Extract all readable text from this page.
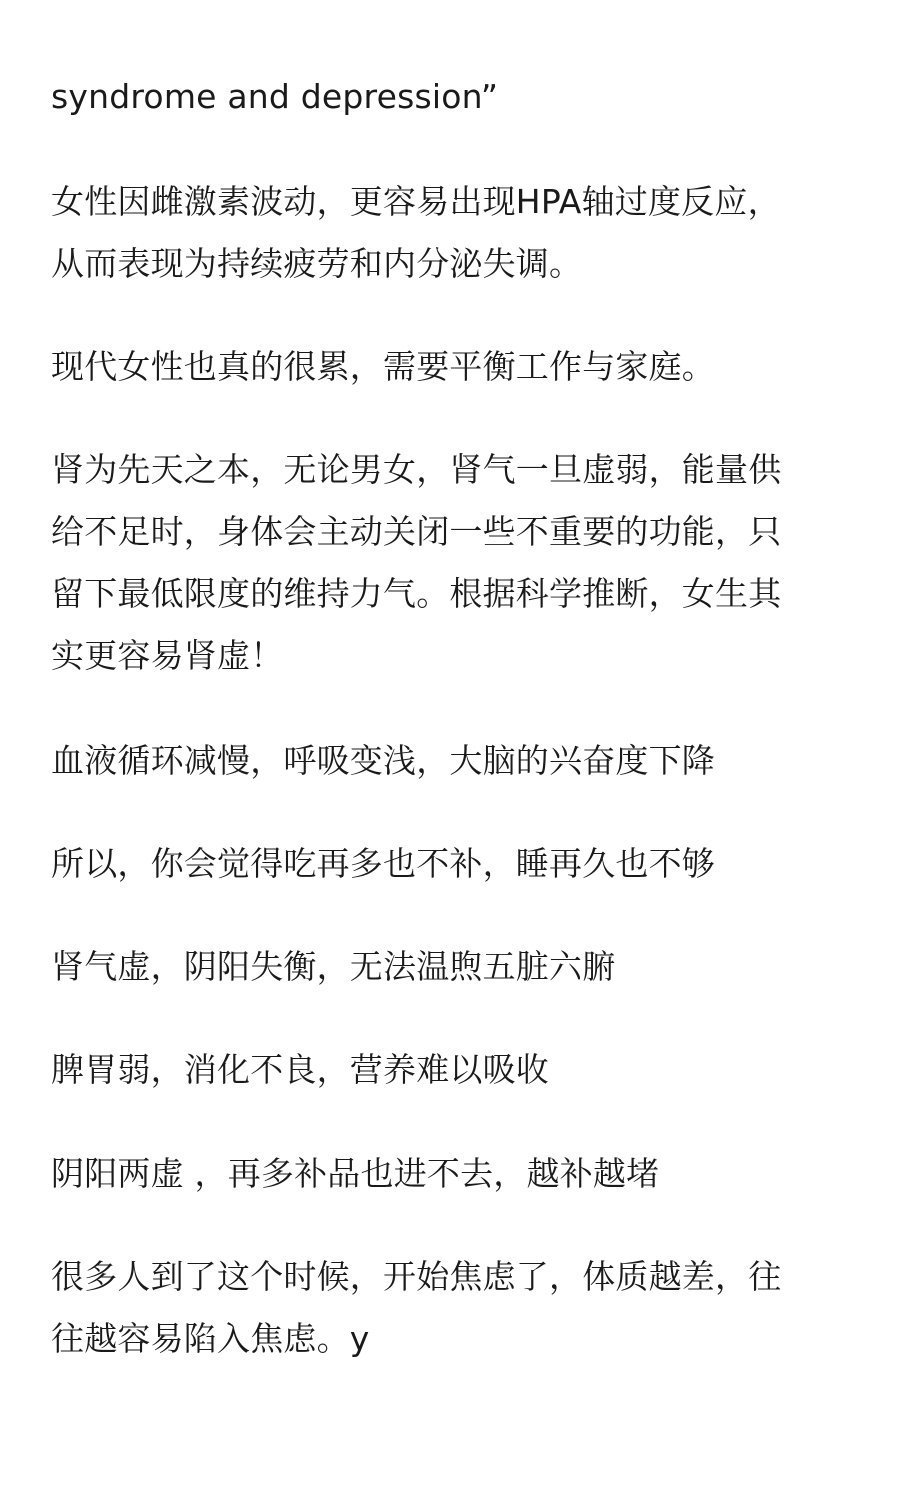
syndrome and depression”

女性因雌激素波动，更容易出现HPA轴过度反应，
从而表现为持续疲劳和内分泌失调。

现代女性也真的很累，需要平衡工作与家庭。

肾为先天之本，无论男女，肾气一旦虚弱，能量供
给不足时，身体会主动关闭一些不重要的功能，只
留下最低限度的维持力气。根据科学推断，女生其
实更容易肾虚！

血液循环减慢，呼吸变浅，大脑的兴奋度下降

所以，你会觉得吃再多也不补，睡再久也不够

肾气虚，阴阳失衡，无法温煦五脏六腑

脾胃弱，消化不良，营养难以吸收

阴阳两虚 ，再多补品也进不去，越补越堵

很多人到了这个时候，开始焦虑了，体质越差，往
往越容易陷入焦虑。y
